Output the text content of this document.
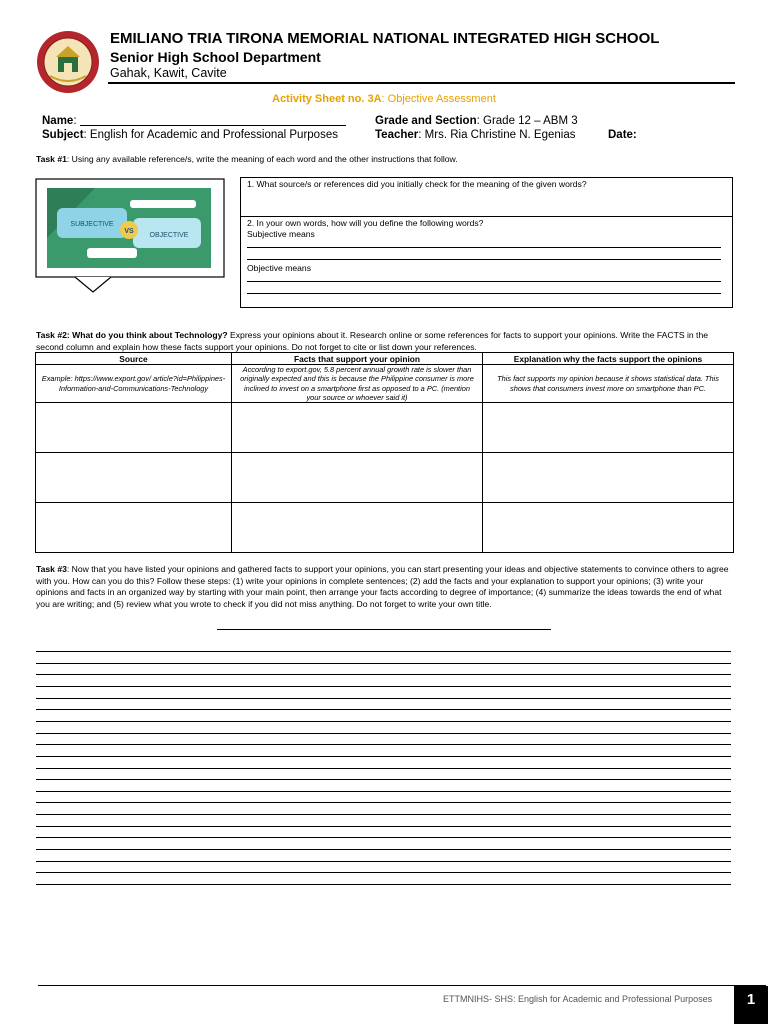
EMILIANO TRIA TIRONA MEMORIAL NATIONAL INTEGRATED HIGH SCHOOL
Senior High School Department
Gahak, Kawit, Cavite
Activity Sheet no. 3A: Objective Assessment
Name:
Subject: English for Academic and Professional Purposes
Grade and Section: Grade 12 – ABM 3
Teacher: Mrs. Ria Christine N. Egenias	Date:
Task #1: Using any available reference/s, write the meaning of each word and the other instructions that follow.
SUBJECTIVE
VS
OBJECTIVE
1. What source/s or references did you initially check for the meaning of the given words?
2. In your own words, how will you define the following words?
Subjective means
Objective means
Task #2: What do you think about Technology? Express your opinions about it. Research online or some references for facts to support your opinions. Write the FACTS in the second column and explain how these facts support your opinions. Do not forget to cite or list down your references.
Source	Facts that support your opinion	Explanation why the facts support the opinions
Example: https://www.export.gov/ article?id=Philippines- Information-and-Communications-Technology	According to export.gov, 5.8 percent annual growth rate is slower than originally expected and this is because the Philippine consumer is more inclined to invest on a smartphone first as opposed to a PC. (mention your source or whoever said it)	This fact supports my opinion because it shows statistical data. This shows that consumers invest more on smartphone than PC.

Task #3: Now that you have listed your opinions and gathered facts to support your opinions, you can start presenting your ideas and objective statements to convince others to agree with you. How can you do this? Follow these steps: (1) write your opinions in complete sentences; (2) add the facts and your explanation to support your opinions; (3) write your opinions and facts in an organized way by starting with your main point, then arrange your facts according to degree of importance; (4) summarize the ideas towards the end of what you are writing; and (5) review what you wrote to check if you did not miss anything. Do not forget to write your own title.
ETTMNIHS- SHS: English for Academic and Professional Purposes	1
